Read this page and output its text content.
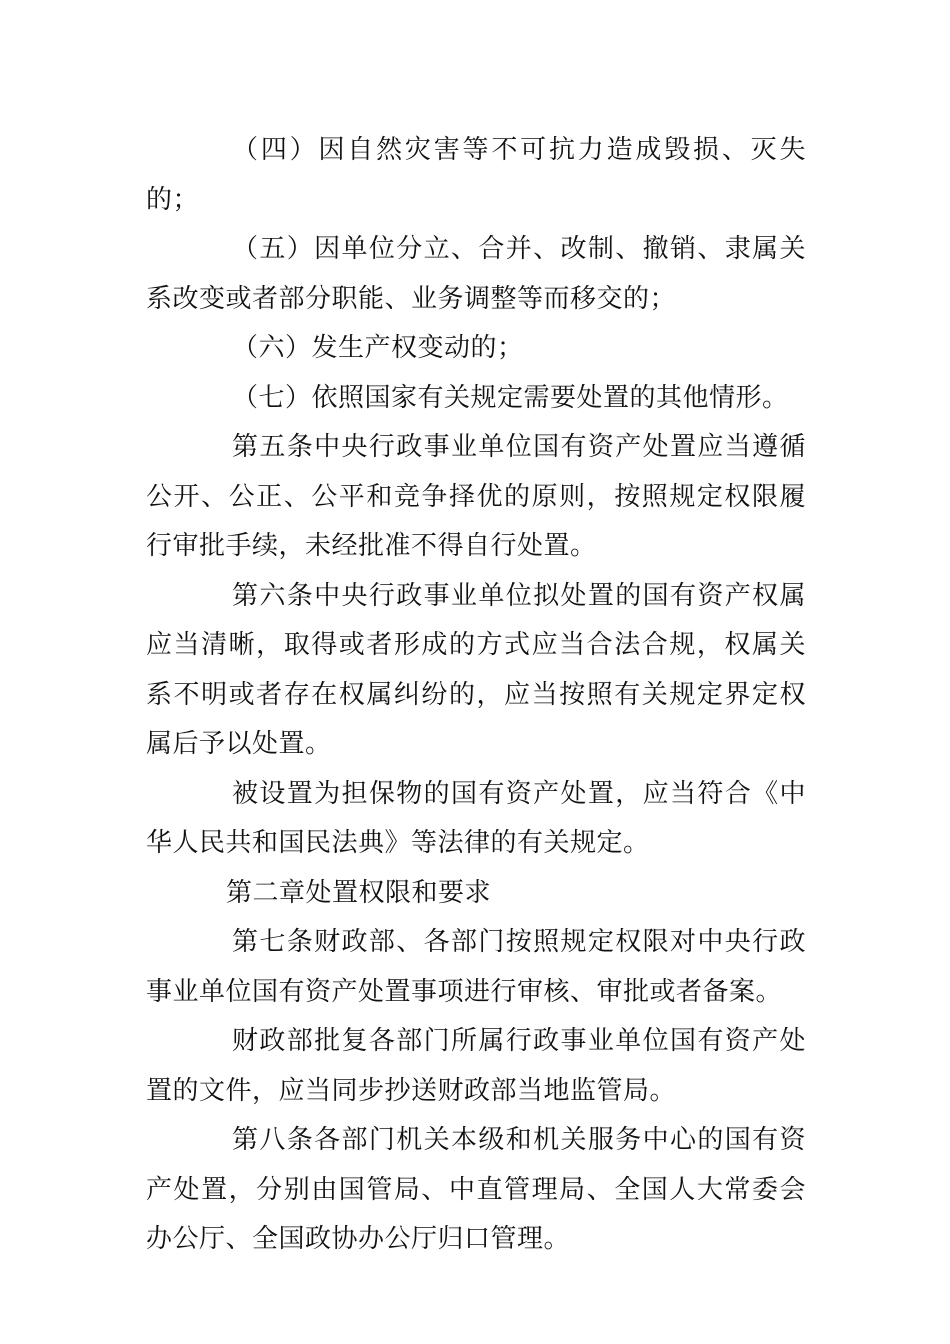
（四）因自然灾害等不可抗力造成毁损、灭失的；

（五）因单位分立、合并、改制、撤销、隶属关系改变或者部分职能、业务调整等而移交的；

（六）发生产权变动的；

（七）依照国家有关规定需要处置的其他情形。

第五条中央行政事业单位国有资产处置应当遵循公开、公正、公平和竞争择优的原则，按照规定权限履行审批手续，未经批准不得自行处置。

第六条中央行政事业单位拟处置的国有资产权属应当清晰，取得或者形成的方式应当合法合规，权属关系不明或者存在权属纠纷的，应当按照有关规定界定权属后予以处置。

被设置为担保物的国有资产处置，应当符合《中华人民共和国民法典》等法律的有关规定。

第二章处置权限和要求

第七条财政部、各部门按照规定权限对中央行政事业单位国有资产处置事项进行审核、审批或者备案。

财政部批复各部门所属行政事业单位国有资产处置的文件，应当同步抄送财政部当地监管局。

第八条各部门机关本级和机关服务中心的国有资产处置，分别由国管局、中直管理局、全国人大常委会办公厅、全国政协办公厅归口管理。
